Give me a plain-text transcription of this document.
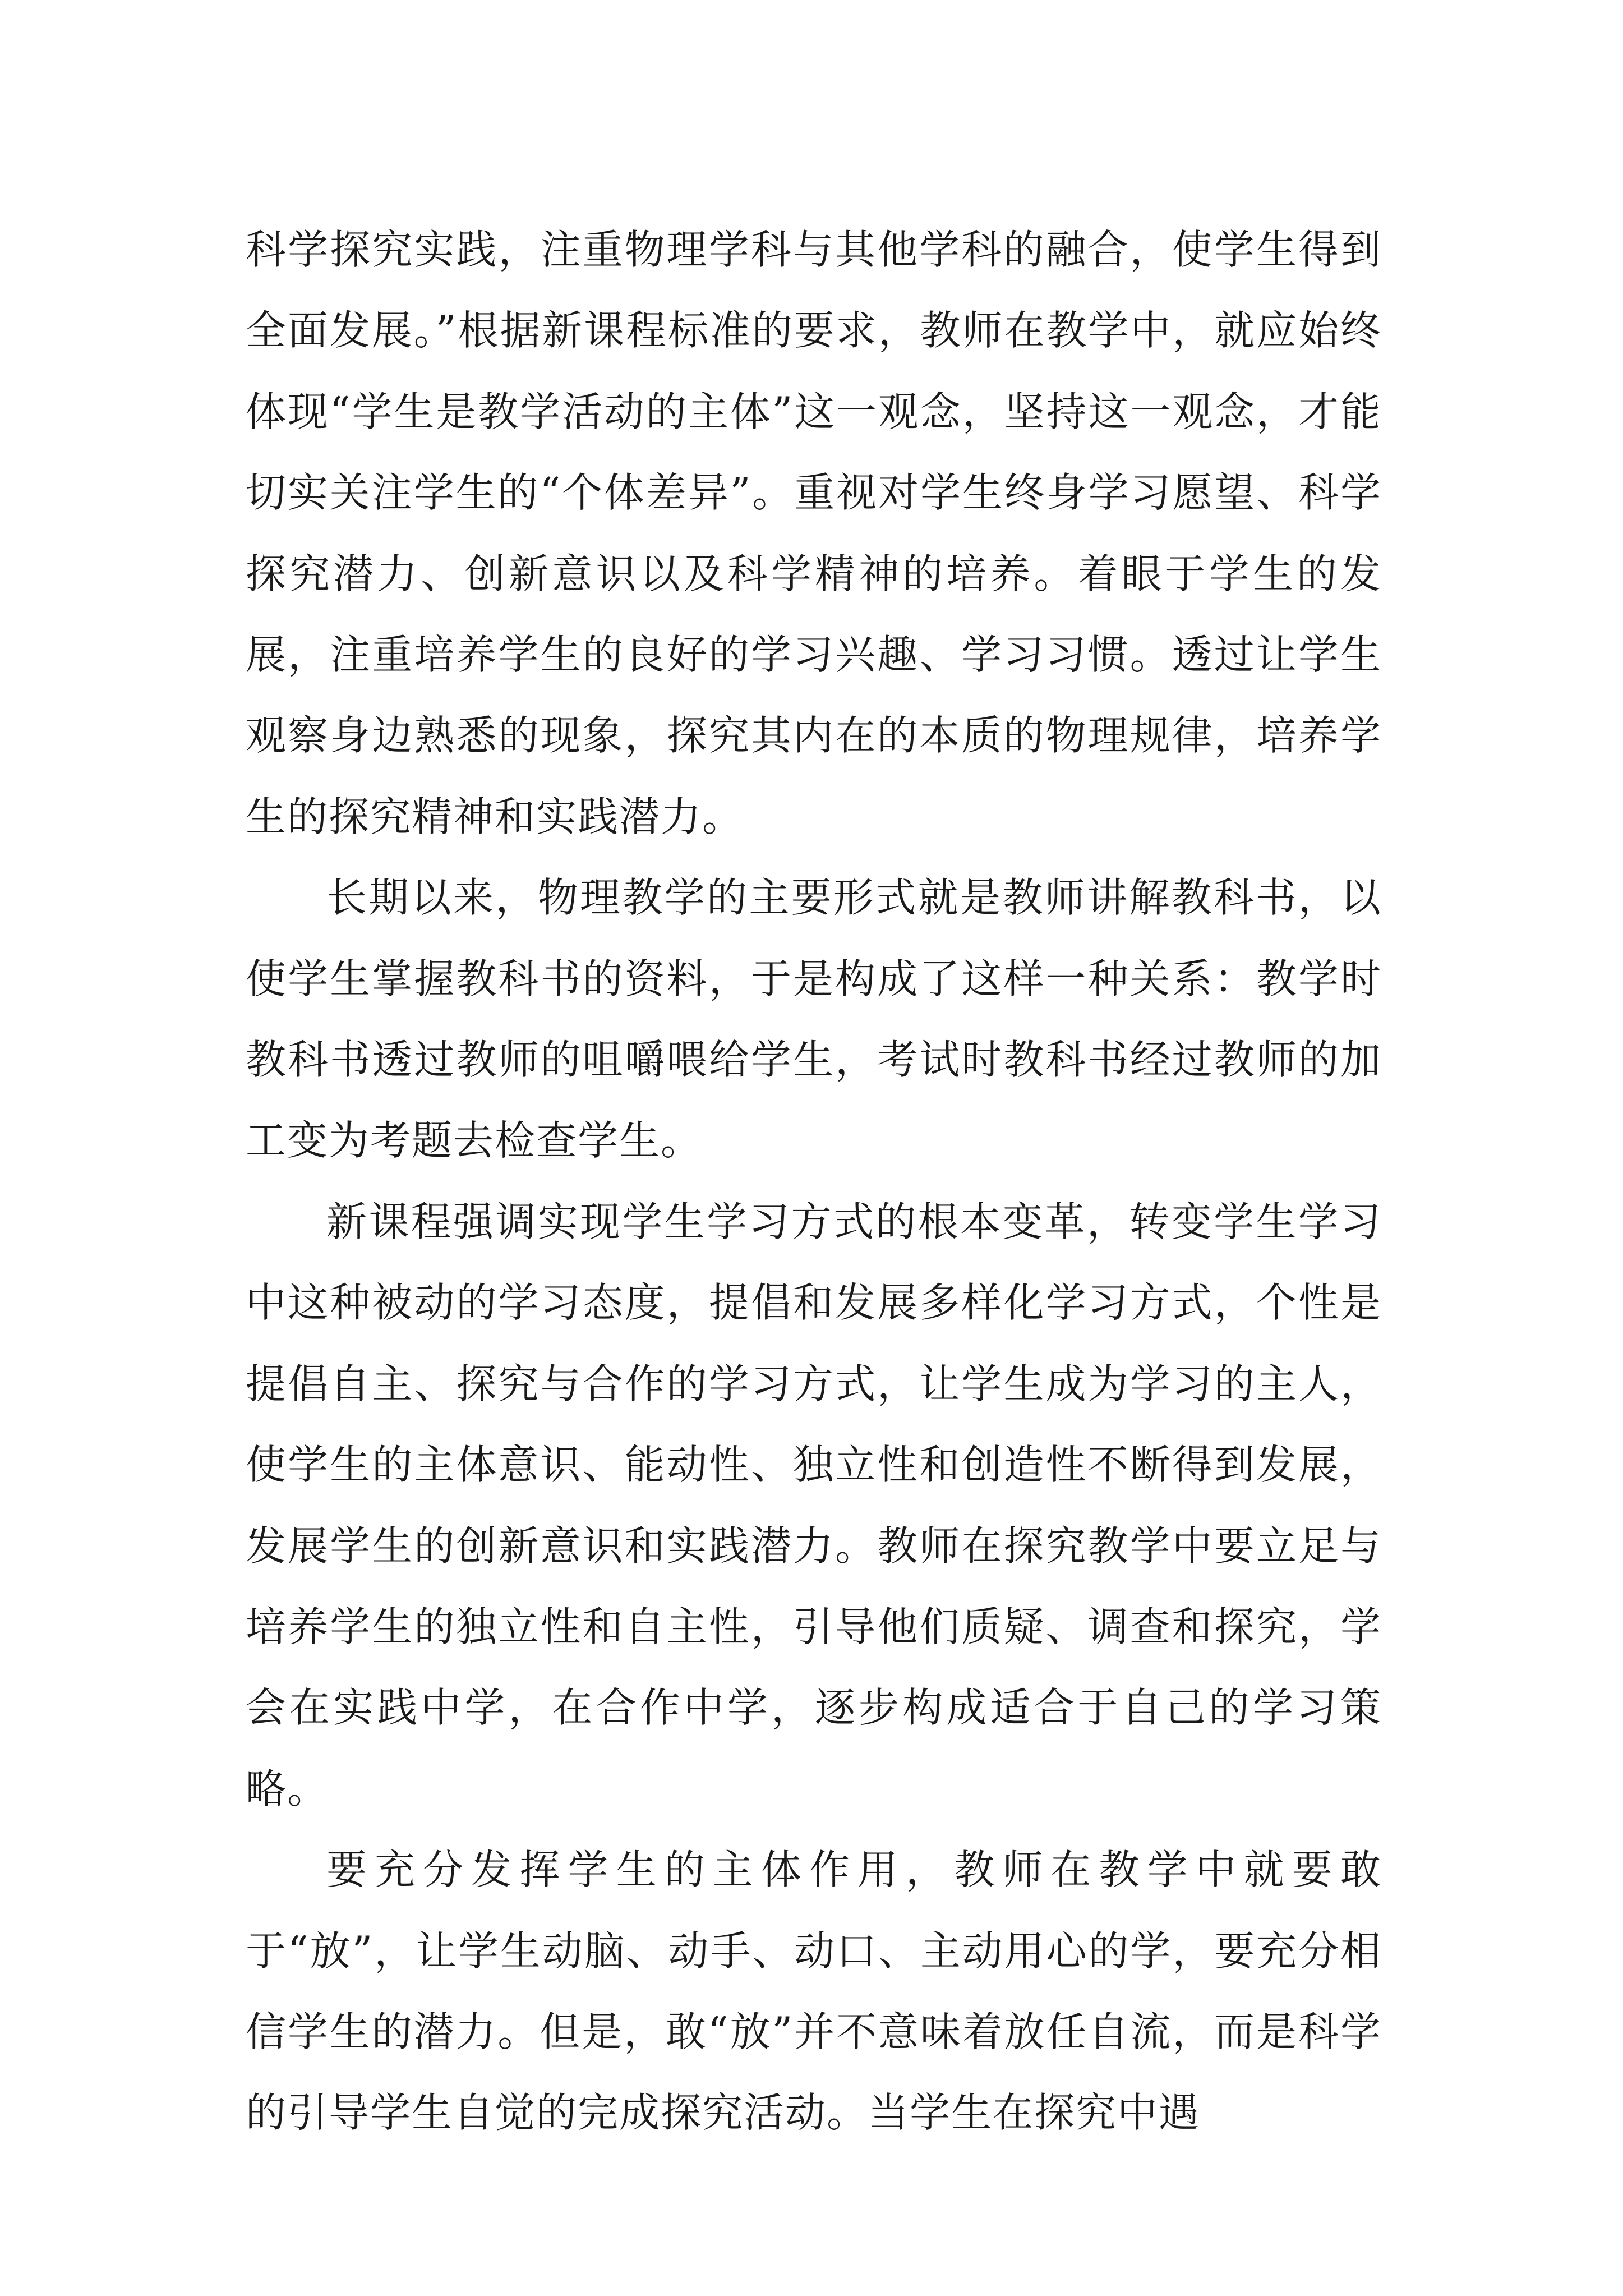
科学探究实践，注重物理学科与其他学科的融合，使学生得到全面发展。”根据新课程标准的要求，教师在教学中，就应始终体现“学生是教学活动的主体”这一观念，坚持这一观念，才能切实关注学生的“个体差异”。重视对学生终身学习愿望、科学探究潜力、创新意识以及科学精神的培养。着眼于学生的发展，注重培养学生的良好的学习兴趣、学习习惯。透过让学生观察身边熟悉的现象，探究其内在的本质的物理规律，培养学生的探究精神和实践潜力。

长期以来，物理教学的主要形式就是教师讲解教科书，以使学生掌握教科书的资料，于是构成了这样一种关系：教学时教科书透过教师的咀嚼喂给学生，考试时教科书经过教师的加工变为考题去检查学生。

新课程强调实现学生学习方式的根本变革，转变学生学习中这种被动的学习态度，提倡和发展多样化学习方式，个性是提倡自主、探究与合作的学习方式，让学生成为学习的主人，使学生的主体意识、能动性、独立性和创造性不断得到发展，发展学生的创新意识和实践潜力。教师在探究教学中要立足与培养学生的独立性和自主性，引导他们质疑、调查和探究，学会在实践中学，在合作中学，逐步构成适合于自己的学习策略。

要充分发挥学生的主体作用，教师在教学中就要敢于“放”，让学生动脑、动手、动口、主动用心的学，要充分相信学生的潜力。但是，敢“放”并不意味着放任自流，而是科学的引导学生自觉的完成探究活动。当学生在探究中遇
